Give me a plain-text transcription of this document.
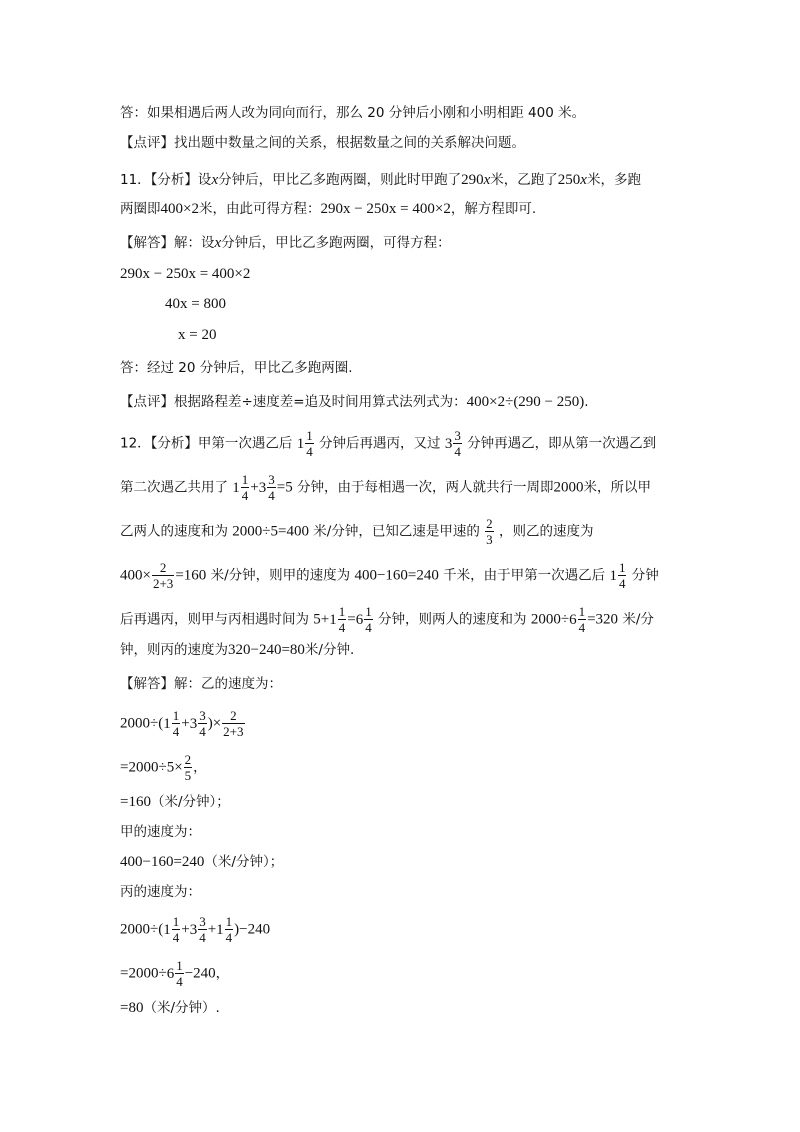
答：如果相遇后两人改为同向而行，那么 20 分钟后小刚和小明相距 400 米。
【点评】找出题中数量之间的关系，根据数量之间的关系解决问题。
11．【分析】设x分钟后，甲比乙多跑两圈，则此时甲跑了290x米，乙跑了250x米，多跑
两圈即400×2米，由此可得方程：290x − 250x = 400×2，解方程即可.
【解答】解：设x分钟后，甲比乙多跑两圈，可得方程：
290x − 250x = 400×2
40x = 800
x = 20
答：经过 20 分钟后，甲比乙多跑两圈.
【点评】根据路程差÷速度差=追及时间用算式法列式为：400×2÷(290 − 250).
12．【分析】甲第一次遇乙后 $1 \frac{1}{4}$ 分钟后再遇丙，又过 $3 \frac{3}{4}$ 分钟再遇乙，即从第一次遇乙到
第二次遇乙共用了 $1 \frac{1}{4} + 3 \frac{3}{4} =5$ 分钟，由于每相遇一次，两人就共行一周即2000米，所以甲
乙两人的速度和为 2000÷5=400 米/分钟，已知乙速是甲速的 $\frac{2}{3}$ ，则乙的速度为
$400\times \frac{2}{2+3} =160$ 米/分钟，则甲的速度为 400−160=240 千米，由于甲第一次遇乙后 $1 \frac{1}{4}$ 分钟
后再遇丙，则甲与丙相遇时间为 $5+ 1 \frac{1}{4} = 6 \frac{1}{4}$ 分钟，则两人的速度和为 $2000\div 6 \frac{1}{4} =320$ 米/分
钟，则丙的速度为320−240=80米/分钟.
【解答】解：乙的速度为：
2000÷( $1 \frac{1}{4} + 3 \frac{3}{4}$ )× $\frac{2}{2+3}$
$=2000\div 5\times \frac{2}{5}$ ，
=160（米/分钟）；
甲的速度为：
400−160=240（米/分钟）；
丙的速度为：
2000÷( $1 \frac{1}{4} + 3 \frac{3}{4} + 1 \frac{1}{4} )-240$
$=2000\div 6 \frac{1}{4} -240$，
=80（米/分钟）.
